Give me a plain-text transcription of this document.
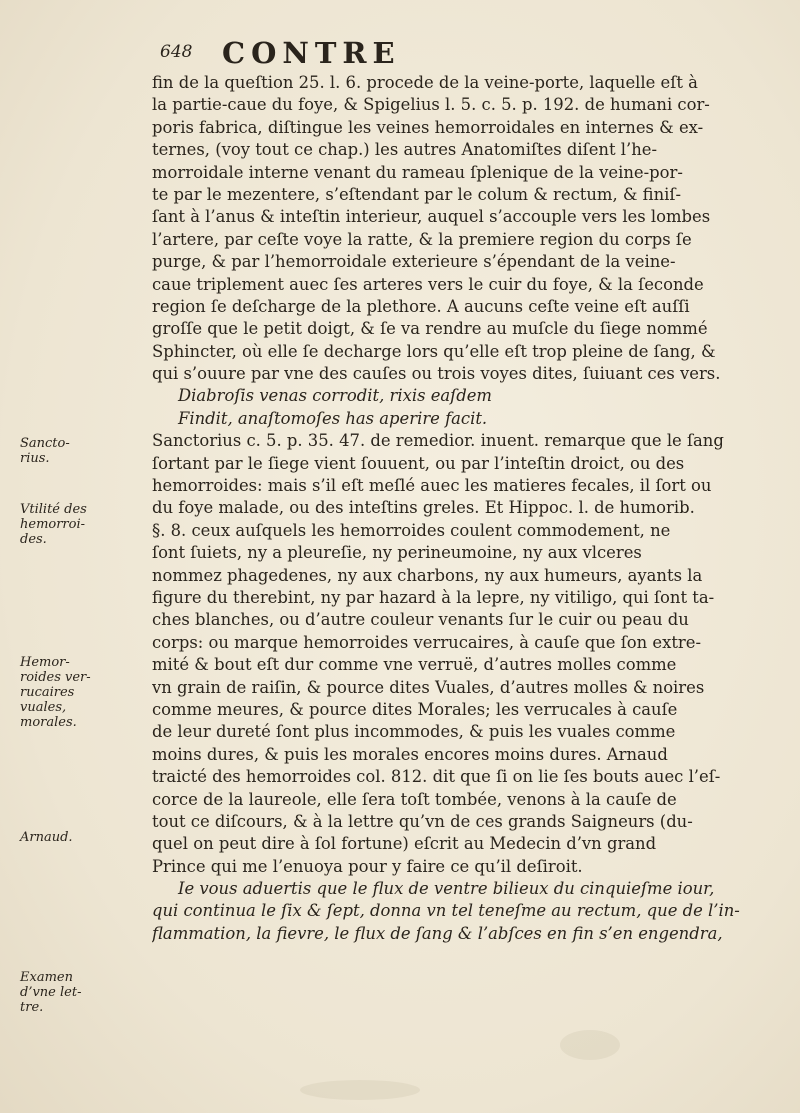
648 CONTRE
Sancto-
rius.
Vtilité des
hemorroi-
des.
Hemor-
roides ver-
rucaires
vuales,
morales.
Arnaud.
Examen
d’vne let-
tre.
fin de la queſtion 25. l. 6. procede de la veine-porte, laquelle eſt à
la partie-caue du foye, & Spigelius l. 5. c. 5. p. 192. de humani cor-
poris fabrica, diſtingue les veines hemorroidales en internes & ex-
ternes, (voy tout ce chap.) les autres Anatomiſtes diſent l’he-
morroidale interne venant du rameau ſplenique de la veine-por-
te par le mezentere, s’eſtendant par le colum & rectum, & finiſ-
ſant à l’anus & inteſtin interieur, auquel s’accouple vers les lombes
l’artere, par ceſte voye la ratte, & la premiere region du corps ſe
purge, & par l’hemorroidale exterieure s’épendant de la veine-
caue triplement auec ſes arteres vers le cuir du foye, & la ſeconde
region ſe deſcharge de la plethore. A aucuns ceſte veine eſt auſſi
groſſe que le petit doigt, & ſe va rendre au muſcle du ſiege nommé
Sphincter, où elle ſe decharge lors qu’elle eſt trop pleine de ſang, &
qui s’ouure par vne des cauſes ou trois voyes dites, ſuiuant ces vers.
Diabroſis venas corrodit, rixis eaſdem
Findit, anaſtomoſes has aperire facit.
Sanctorius c. 5. p. 35. 47. de remedior. inuent. remarque que le ſang
ſortant par le ſiege vient ſouuent, ou par l’inteſtin droict, ou des
hemorroides: mais s’il eſt meſlé auec les matieres fecales, il ſort ou
du foye malade, ou des inteſtins greles. Et Hippoc. l. de humorib.
§. 8. ceux auſquels les hemorroides coulent commodement, ne
ſont ſuiets, ny a pleureſie, ny perineumoine, ny aux vlceres
nommez phagedenes, ny aux charbons, ny aux humeurs, ayants la
figure du therebint, ny par hazard à la lepre, ny vitiligo, qui ſont ta-
ches blanches, ou d’autre couleur venants ſur le cuir ou peau du
corps: ou marque hemorroides verrucaires, à cauſe que ſon extre-
mité & bout eſt dur comme vne verruë, d’autres molles comme
vn grain de raiſin, & pource dites Vuales, d’autres molles & noires
comme meures, & pource dites Morales; les verrucales à cauſe
de leur dureté ſont plus incommodes, & puis les vuales comme
moins dures, & puis les morales encores moins dures. Arnaud
traicté des hemorroides col. 812. dit que ſi on lie ſes bouts auec l’eſ-
corce de la laureole, elle ſera toſt tombée, venons à la cauſe de
tout ce diſcours, & à la lettre qu’vn de ces grands Saigneurs (du-
quel on peut dire à ſol fortune) eſcrit au Medecin d’vn grand
Prince qui me l’enuoya pour y faire ce qu’il deſiroit.
Ie vous aduertis que le flux de ventre bilieux du cinquieſme iour,
qui continua le ſix & ſept, donna vn tel teneſme au rectum, que de l’in-
flammation, la fievre, le flux de ſang & l’abſces en fin s’en engendra,
